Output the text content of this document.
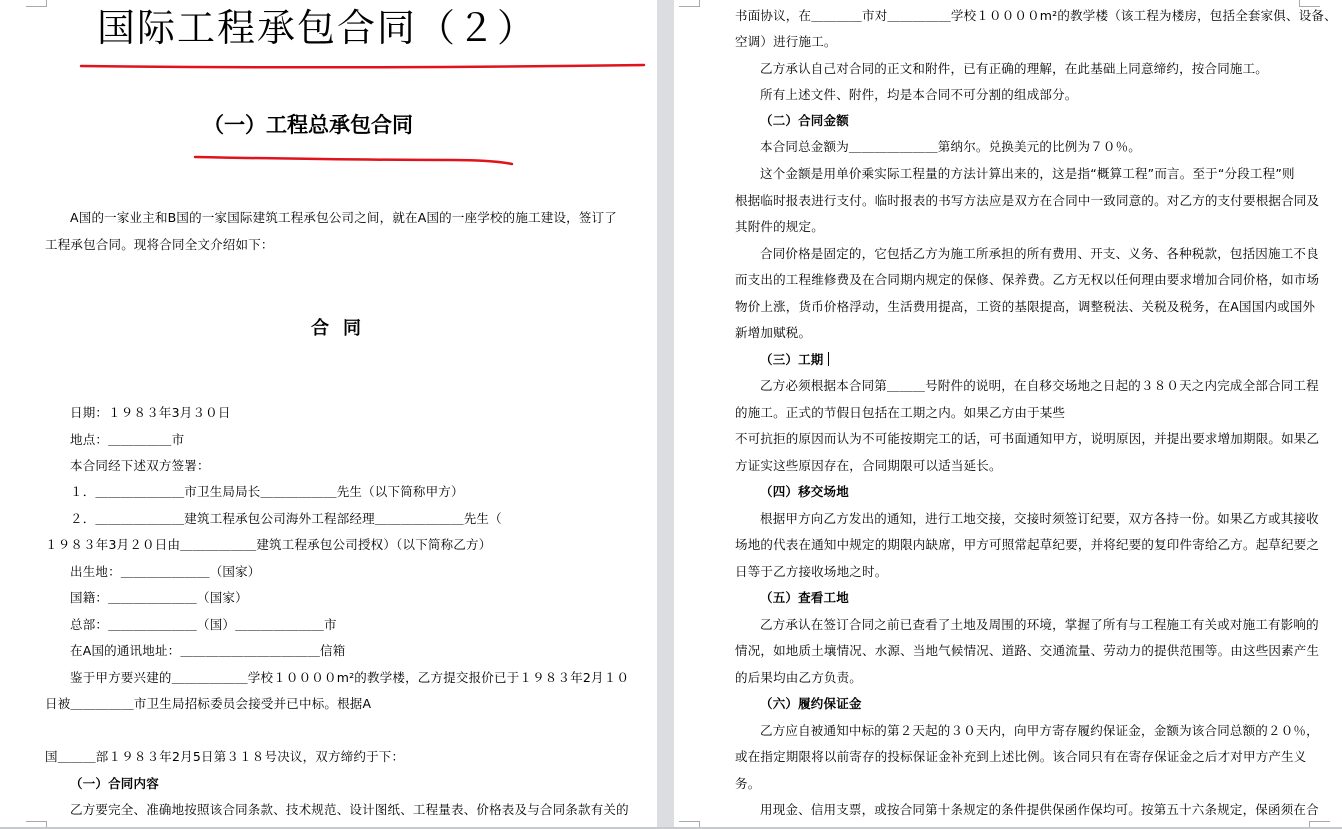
国际工程承包合同（２）
（一）工程总承包合同
A国的一家业主和B国的一家国际建筑工程承包公司之间，就在A国的一座学校的施工建设，签订了
工程承包合同。现将合同全文介绍如下：
合同
日期：１９８３年3月３０日
地点：＿＿＿＿＿市
本合同经下述双方签署：
１．＿＿＿＿＿＿＿市卫生局局长＿＿＿＿＿＿先生（以下简称甲方）
２．＿＿＿＿＿＿＿建筑工程承包公司海外工程部经理＿＿＿＿＿＿＿先生（
１９８３年3月２０日由＿＿＿＿＿＿建筑工程承包公司授权）（以下简称乙方）
出生地：＿＿＿＿＿＿＿（国家）
国籍：＿＿＿＿＿＿＿（国家）
总部：＿＿＿＿＿＿＿（国）＿＿＿＿＿＿＿市
在A国的通讯地址：＿＿＿＿＿＿＿＿＿＿＿信箱
鉴于甲方要兴建的＿＿＿＿＿＿学校１００００m²的教学楼，乙方提交报价已于１９８３年2月１０
日被＿＿＿＿＿市卫生局招标委员会接受并已中标。根据A
国＿＿＿部１９８３年2月5日第３１８号决议，双方缔约于下：
（一）合同内容
乙方要完全、准确地按照该合同条款、技术规范、设计图纸、工程量表、价格表及与合同条款有关的
书面协议，在＿＿＿＿市对＿＿＿＿＿学校１００００m²的教学楼（该工程为楼房，包括全套家俱、设备、
空调）进行施工。
乙方承认自己对合同的正文和附件，已有正确的理解，在此基础上同意缔约，按合同施工。
所有上述文件、附件，均是本合同不可分割的组成部分。
（二）合同金额
本合同总金额为＿＿＿＿＿＿＿第纳尔。兑换美元的比例为７０％。
这个金额是用单价乘实际工程量的方法计算出来的，这是指“概算工程”而言。至于“分段工程”则
根据临时报表进行支付。临时报表的书写方法应是双方在合同中一致同意的。对乙方的支付要根据合同及
其附件的规定。
合同价格是固定的，它包括乙方为施工所承担的所有费用、开支、义务、各种税款，包括因施工不良
而支出的工程维修费及在合同期内规定的保修、保养费。乙方无权以任何理由要求增加合同价格，如市场
物价上涨，货币价格浮动，生活费用提高，工资的基限提高，调整税法、关税及税务，在A国国内或国外
新增加赋税。
（三）工期
乙方必须根据本合同第＿＿＿号附件的说明，在自移交场地之日起的３８０天之内完成全部合同工程
的施工。正式的节假日包括在工期之内。如果乙方由于某些
不可抗拒的原因而认为不可能按期完工的话，可书面通知甲方，说明原因，并提出要求增加期限。如果乙
方证实这些原因存在，合同期限可以适当延长。
（四）移交场地
根据甲方向乙方发出的通知，进行工地交接，交接时须签订纪要，双方各持一份。如果乙方或其接收
场地的代表在通知中规定的期限内缺席，甲方可照常起草纪要，并将纪要的复印件寄给乙方。起草纪要之
日等于乙方接收场地之时。
（五）查看工地
乙方承认在签订合同之前已查看了土地及周围的环境，掌握了所有与工程施工有关或对施工有影响的
情况，如地质土壤情况、水源、当地气候情况、道路、交通流量、劳动力的提供范围等。由这些因素产生
的后果均由乙方负责。
（六）履约保证金
乙方应自被通知中标的第２天起的３０天内，向甲方寄存履约保证金，金额为该合同总额的２０％，
或在指定期限将以前寄存的投标保证金补充到上述比例。该合同只有在寄存保证金之后才对甲方产生义
务。
用现金、信用支票，或按合同第十条规定的条件提供保函作保均可。按第五十六条规定，保函须在合
